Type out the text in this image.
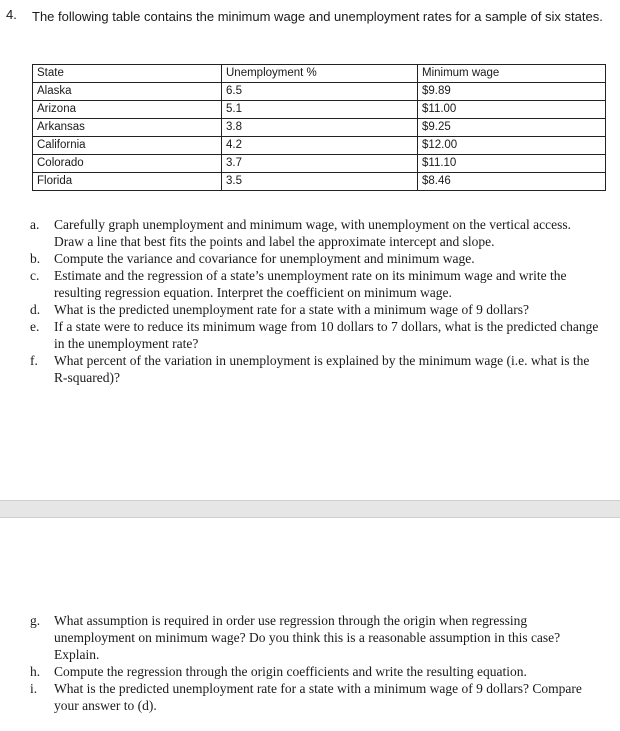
4. The following table contains the minimum wage and unemployment rates for a sample of six states.
State	Unemployment %	Minimum wage
Alaska	6.5	$9.89
Arizona	5.1	$11.00
Arkansas	3.8	$9.25
California	4.2	$12.00
Colorado	3.7	$11.10
Florida	3.5	$8.46
a. Carefully graph unemployment and minimum wage, with unemployment on the vertical access. Draw a line that best fits the points and label the approximate intercept and slope.
b. Compute the variance and covariance for unemployment and minimum wage.
c. Estimate and the regression of a state’s unemployment rate on its minimum wage and write the resulting regression equation. Interpret the coefficient on minimum wage.
d. What is the predicted unemployment rate for a state with a minimum wage of 9 dollars?
e. If a state were to reduce its minimum wage from 10 dollars to 7 dollars, what is the predicted change in the unemployment rate?
f. What percent of the variation in unemployment is explained by the minimum wage (i.e. what is the R-squared)?
g. What assumption is required in order use regression through the origin when regressing unemployment on minimum wage? Do you think this is a reasonable assumption in this case? Explain.
h. Compute the regression through the origin coefficients and write the resulting equation.
i. What is the predicted unemployment rate for a state with a minimum wage of 9 dollars? Compare your answer to (d).
